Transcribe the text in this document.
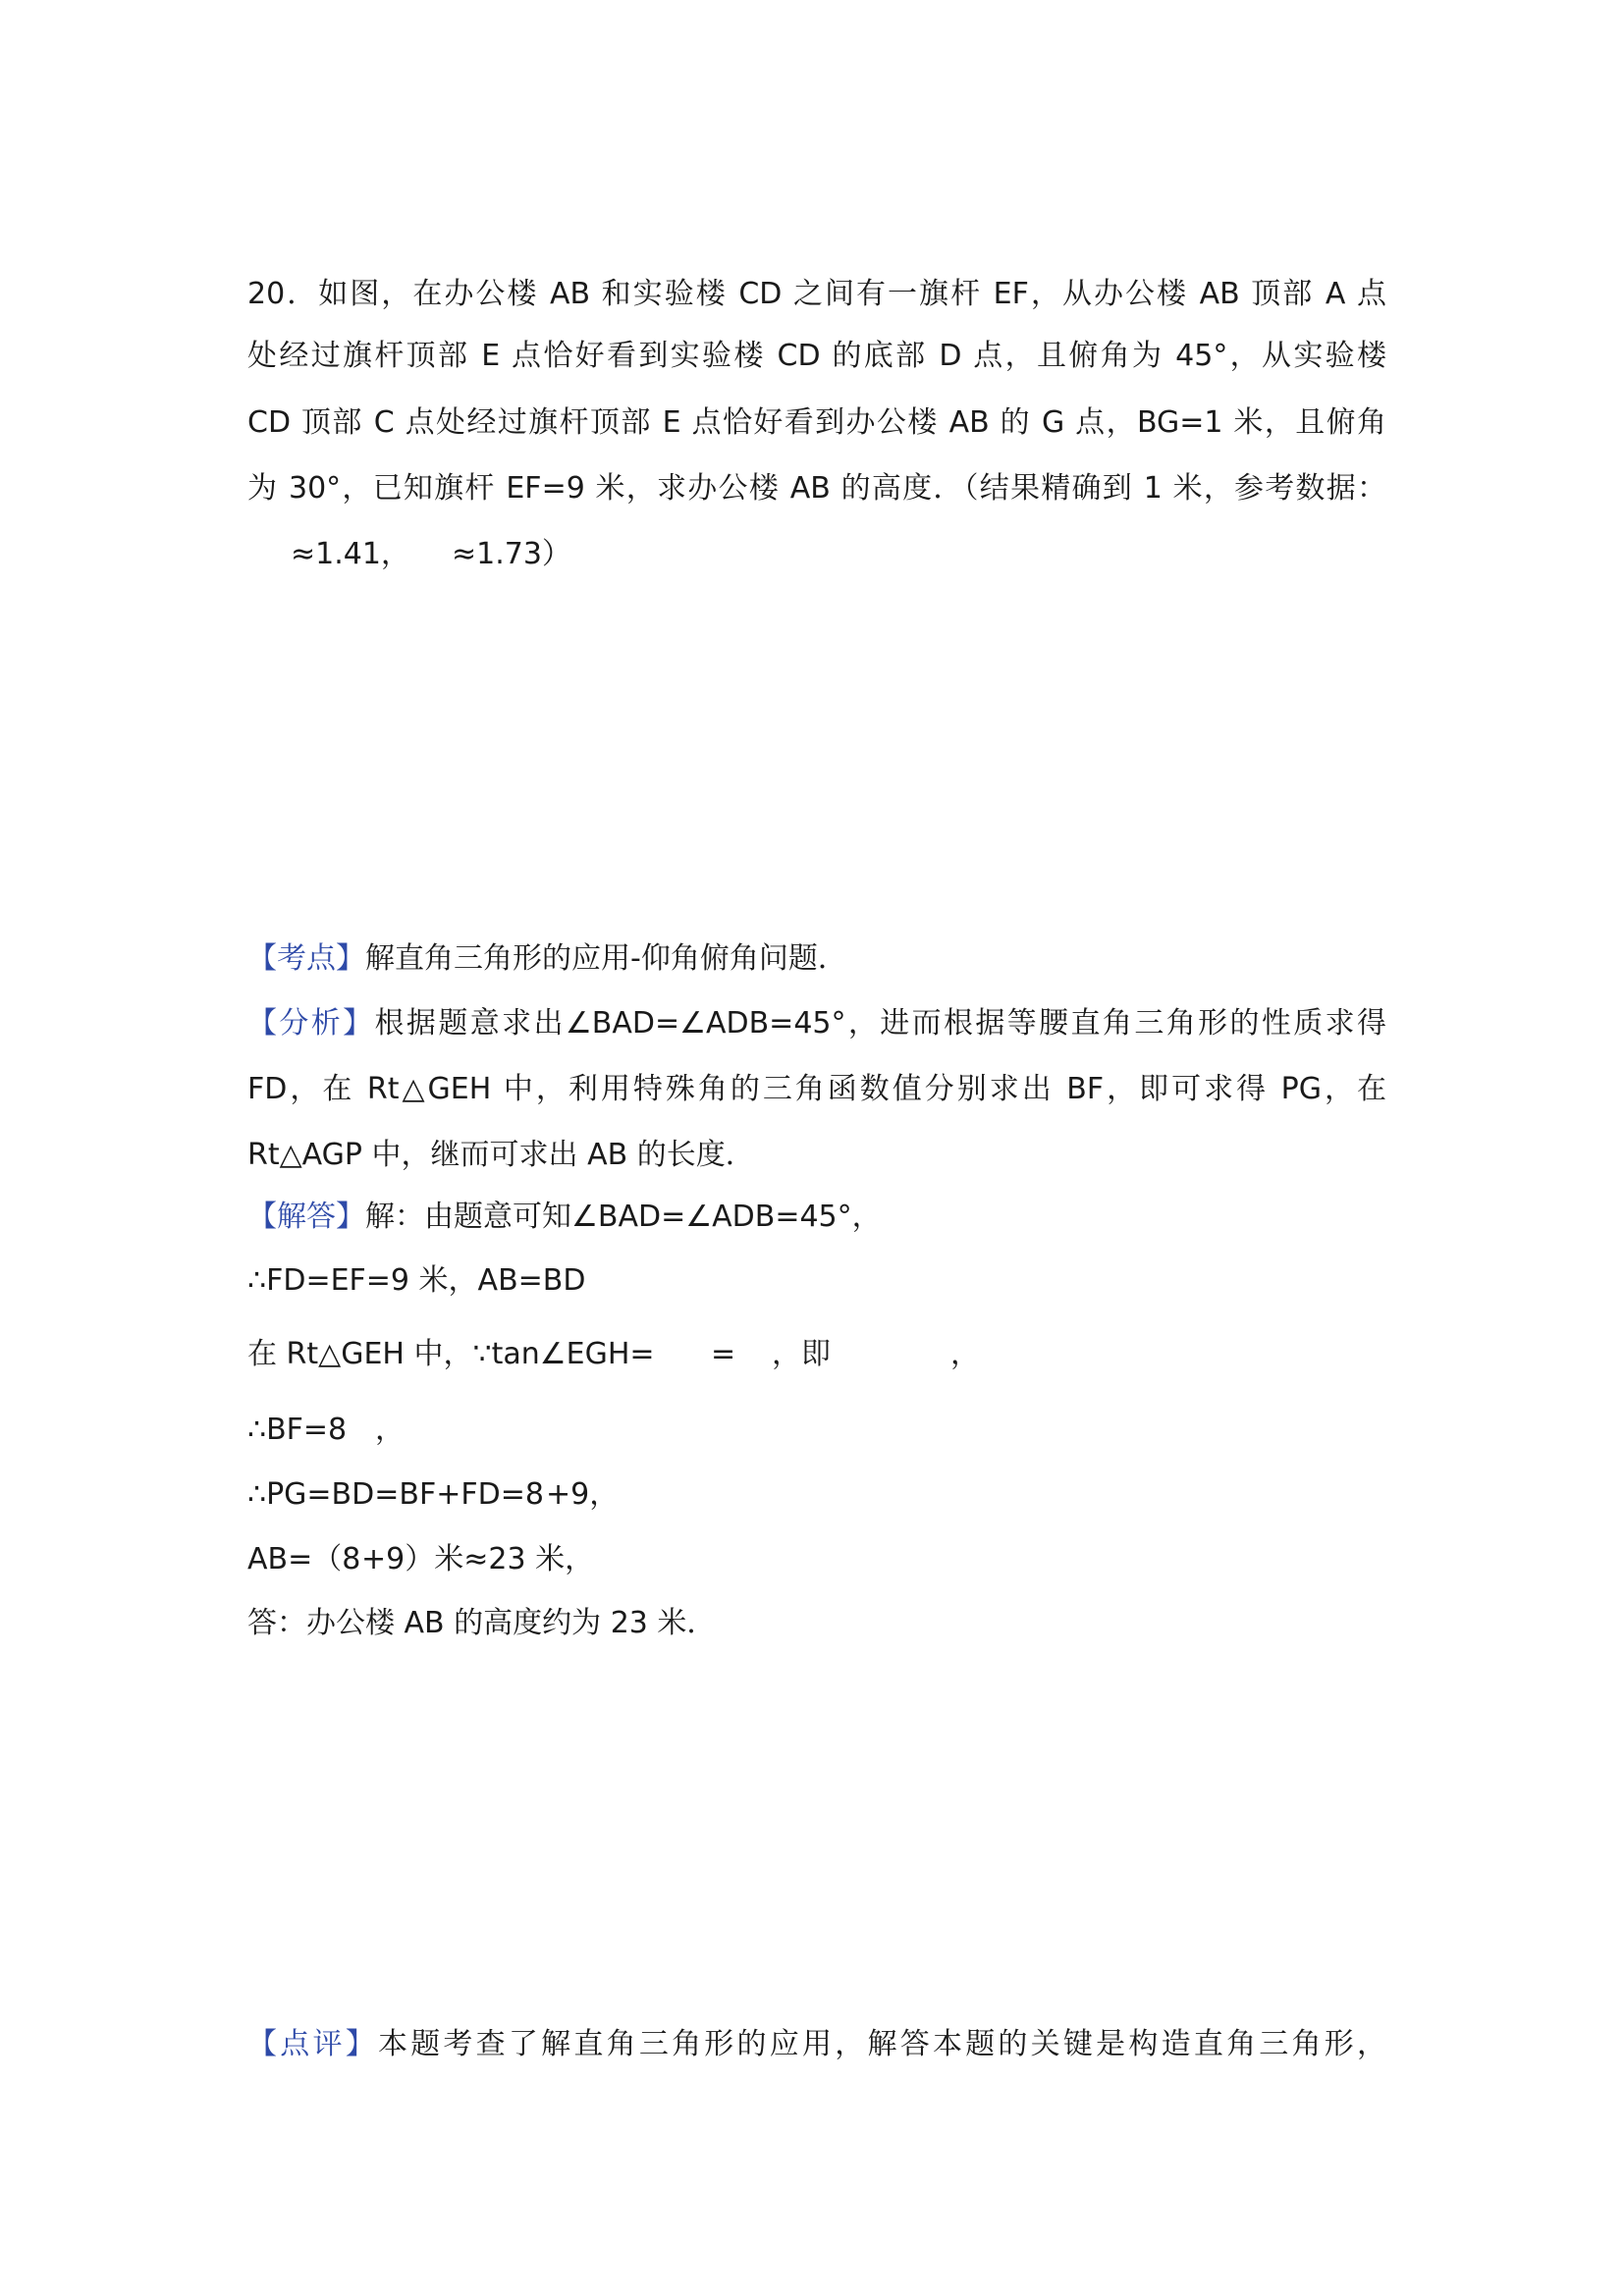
20．如图，在办公楼 AB 和实验楼 CD 之间有一旗杆 EF，从办公楼 AB 顶部 A 点
处经过旗杆顶部 E 点恰好看到实验楼 CD 的底部 D 点，且俯角为 45°，从实验楼
CD 顶部 C 点处经过旗杆顶部 E 点恰好看到办公楼 AB 的 G 点，BG=1 米，且俯角
为 30°，已知旗杆 EF=9 米，求办公楼 AB 的高度．（结果精确到 1 米，参考数据：
≈1.41， ≈1.73）
【考点】解直角三角形的应用-仰角俯角问题．
【分析】根据题意求出∠BAD=∠ADB=45°，进而根据等腰直角三角形的性质求得
FD，在 Rt△GEH 中，利用特殊角的三角函数值分别求出 BF，即可求得 PG，在
Rt△AGP 中，继而可求出 AB 的长度．
【解答】解：由题意可知∠BAD=∠ADB=45°，
∴FD=EF=9 米，AB=BD
在 Rt△GEH 中，∵tan∠EGH= = ，即	，
∴BF=8 ，
∴PG=BD=BF+FD=8 +9，
AB=（8 +9）米≈23 米，
答：办公楼 AB 的高度约为 23 米．
【点评】本题考查了解直角三角形的应用，解答本题的关键是构造直角三角形，
